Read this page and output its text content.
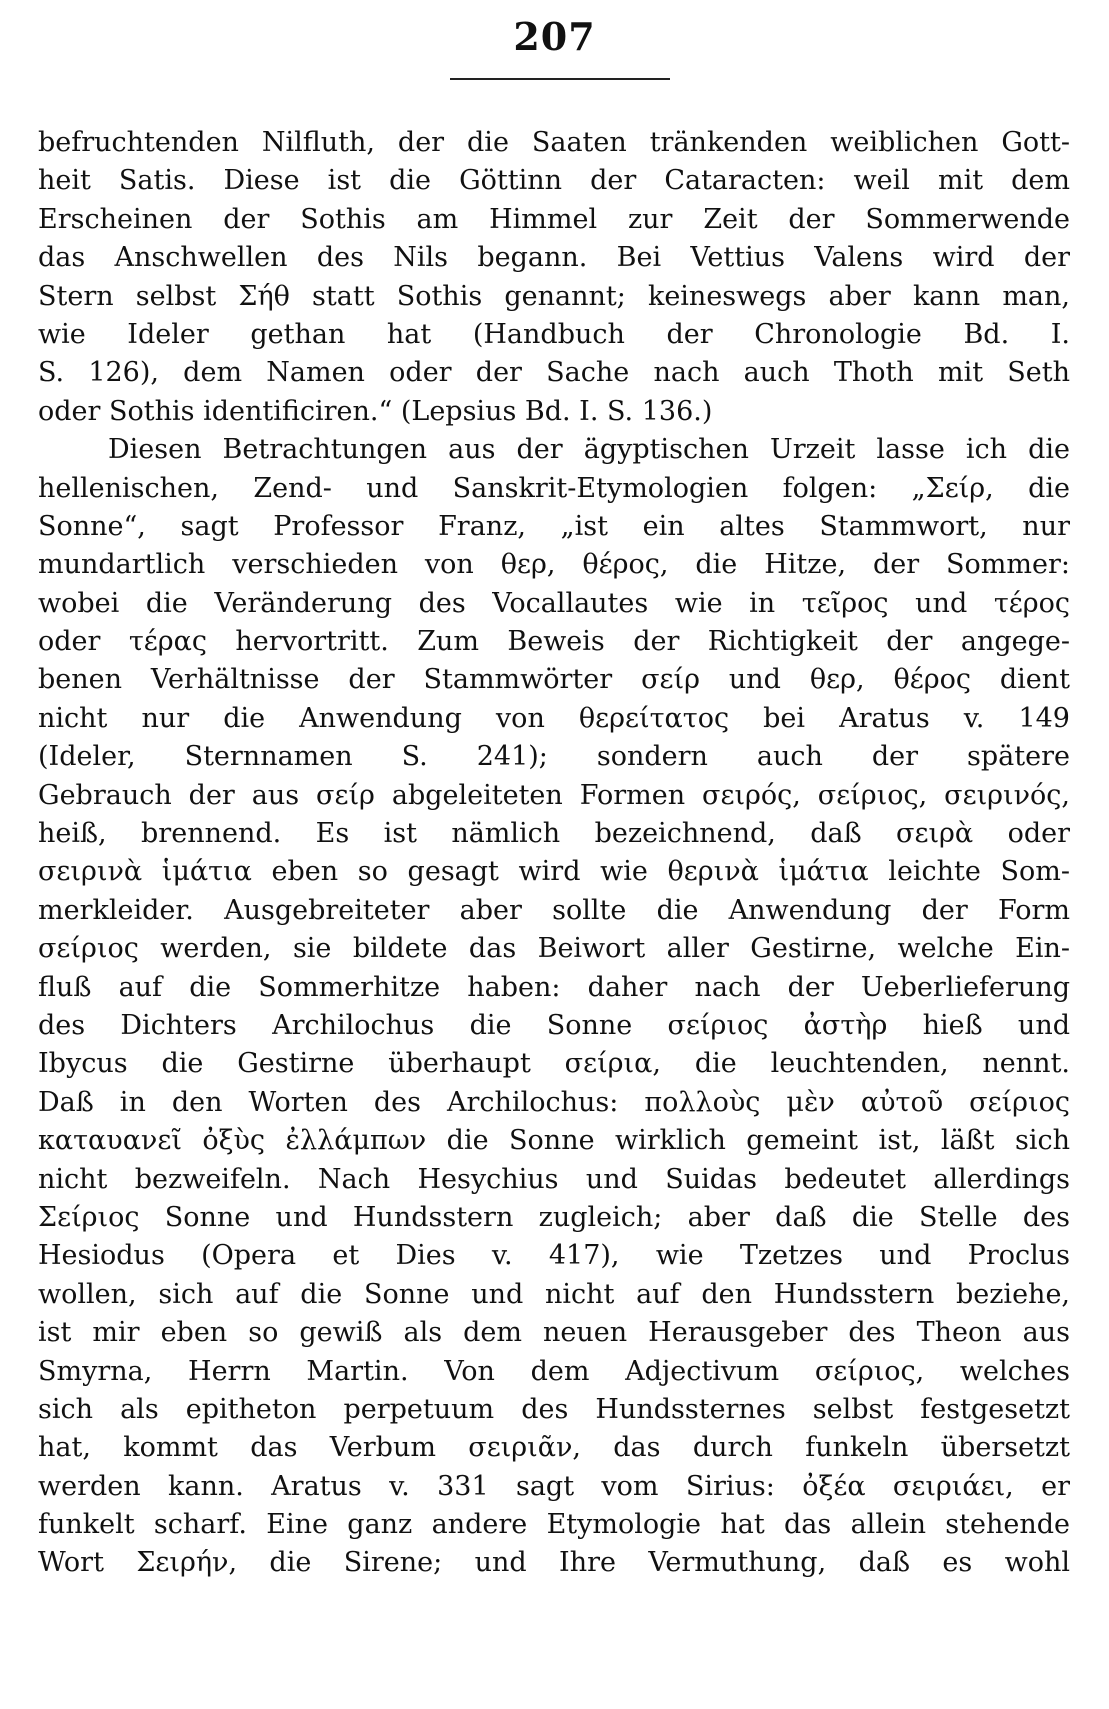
207
befruchtenden Nilfluth, der die Saaten tränkenden weiblichen Gott-
heit Satis. Diese ist die Göttinn der Cataracten: weil mit dem
Erscheinen der Sothis am Himmel zur Zeit der Sommerwende
das Anschwellen des Nils begann. Bei Vettius Valens wird der
Stern selbst Σήθ statt Sothis genannt; keineswegs aber kann man,
wie Ideler gethan hat (Handbuch der Chronologie Bd. I.
S. 126), dem Namen oder der Sache nach auch Thoth mit Seth
oder Sothis identificiren.“ (Lepsius Bd. I. S. 136.)
Diesen Betrachtungen aus der ägyptischen Urzeit lasse ich die
hellenischen, Zend- und Sanskrit-Etymologien folgen: „Σείρ, die
Sonne“, sagt Professor Franz, „ist ein altes Stammwort, nur
mundartlich verschieden von θερ, θέρος, die Hitze, der Sommer:
wobei die Veränderung des Vocallautes wie in τεῖρος und τέρος
oder τέρας hervortritt. Zum Beweis der Richtigkeit der angege-
benen Verhältnisse der Stammwörter σείρ und θερ, θέρος dient
nicht nur die Anwendung von θερείτατος bei Aratus v. 149
(Ideler, Sternnamen S. 241); sondern auch der spätere
Gebrauch der aus σείρ abgeleiteten Formen σειρός, σείριος, σειρινός,
heiß, brennend. Es ist nämlich bezeichnend, daß σειρὰ oder
σειρινὰ ἱμάτια eben so gesagt wird wie θερινὰ ἱμάτια leichte Som-
merkleider. Ausgebreiteter aber sollte die Anwendung der Form
σείριος werden, sie bildete das Beiwort aller Gestirne, welche Ein-
fluß auf die Sommerhitze haben: daher nach der Ueberlieferung
des Dichters Archilochus die Sonne σείριος ἀστὴρ hieß und
Ibycus die Gestirne überhaupt σείρια, die leuchtenden, nennt.
Daß in den Worten des Archilochus: πολλοὺς μὲν αὐτοῦ σείριος
καταυανεῖ ὀξὺς ἐλλάμπων die Sonne wirklich gemeint ist, läßt sich
nicht bezweifeln. Nach Hesychius und Suidas bedeutet allerdings
Σείριος Sonne und Hundsstern zugleich; aber daß die Stelle des
Hesiodus (Opera et Dies v. 417), wie Tzetzes und Proclus
wollen, sich auf die Sonne und nicht auf den Hundsstern beziehe,
ist mir eben so gewiß als dem neuen Herausgeber des Theon aus
Smyrna, Herrn Martin. Von dem Adjectivum σείριος, welches
sich als epitheton perpetuum des Hundssternes selbst festgesetzt
hat, kommt das Verbum σειριᾶν, das durch funkeln übersetzt
werden kann. Aratus v. 331 sagt vom Sirius: ὀξέα σειριάει, er
funkelt scharf. Eine ganz andere Etymologie hat das allein stehende
Wort Σειρήν, die Sirene; und Ihre Vermuthung, daß es wohl
